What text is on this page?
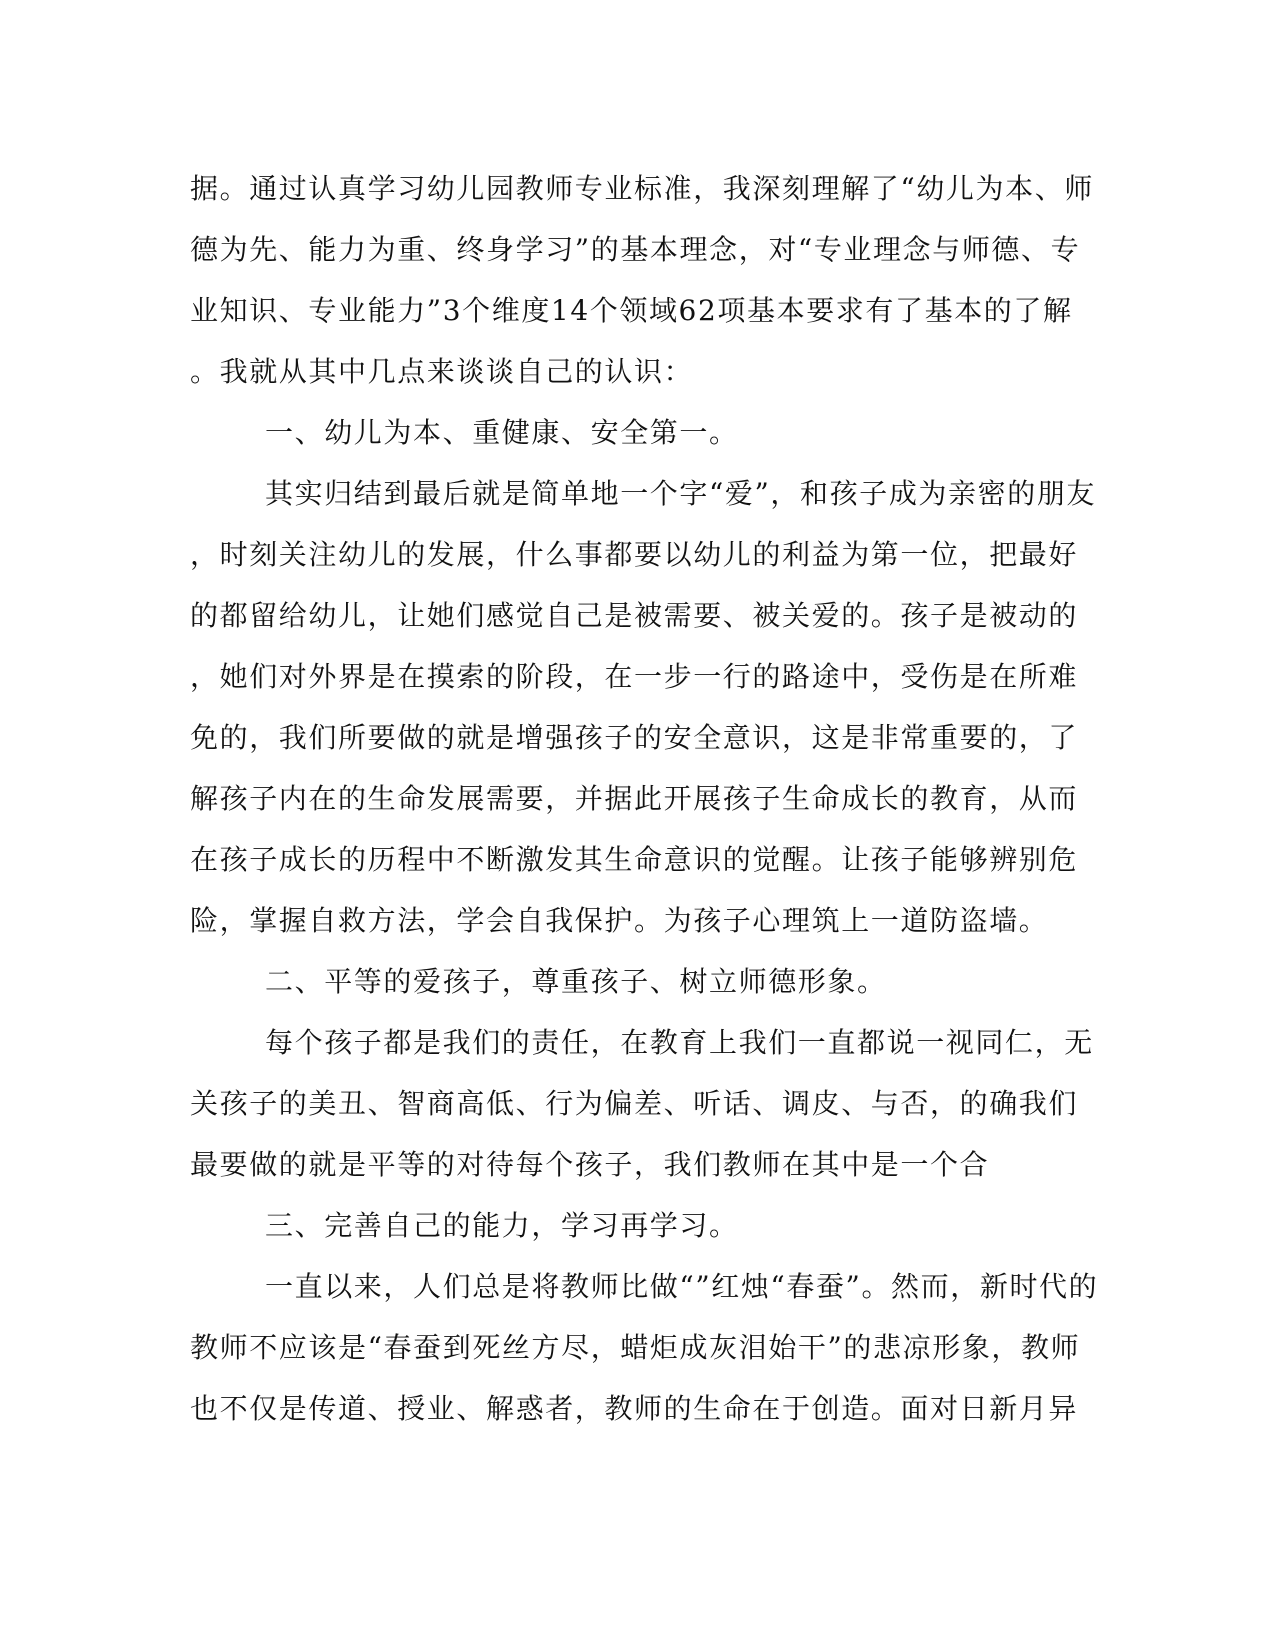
据。通过认真学习幼儿园教师专业标准，我深刻理解了“幼儿为本、师
德为先、能力为重、终身学习”的基本理念，对“专业理念与师德、专
业知识、专业能力”3个维度14个领域62项基本要求有了基本的了解
。我就从其中几点来谈谈自己的认识：
一、幼儿为本、重健康、安全第一。
其实归结到最后就是简单地一个字“爱”，和孩子成为亲密的朋友
，时刻关注幼儿的发展，什么事都要以幼儿的利益为第一位，把最好
的都留给幼儿，让她们感觉自己是被需要、被关爱的。孩子是被动的
，她们对外界是在摸索的阶段，在一步一行的路途中，受伤是在所难
免的，我们所要做的就是增强孩子的安全意识，这是非常重要的，了
解孩子内在的生命发展需要，并据此开展孩子生命成长的教育，从而
在孩子成长的历程中不断激发其生命意识的觉醒。让孩子能够辨别危
险，掌握自救方法，学会自我保护。为孩子心理筑上一道防盗墙。
二、平等的爱孩子，尊重孩子、树立师德形象。
每个孩子都是我们的责任，在教育上我们一直都说一视同仁，无
关孩子的美丑、智商高低、行为偏差、听话、调皮、与否，的确我们
最要做的就是平等的对待每个孩子，我们教师在其中是一个合
三、完善自己的能力，学习再学习。
一直以来，人们总是将教师比做“”红烛“春蚕”。然而，新时代的
教师不应该是“春蚕到死丝方尽，蜡炬成灰泪始干”的悲凉形象，教师
也不仅是传道、授业、解惑者，教师的生命在于创造。面对日新月异
